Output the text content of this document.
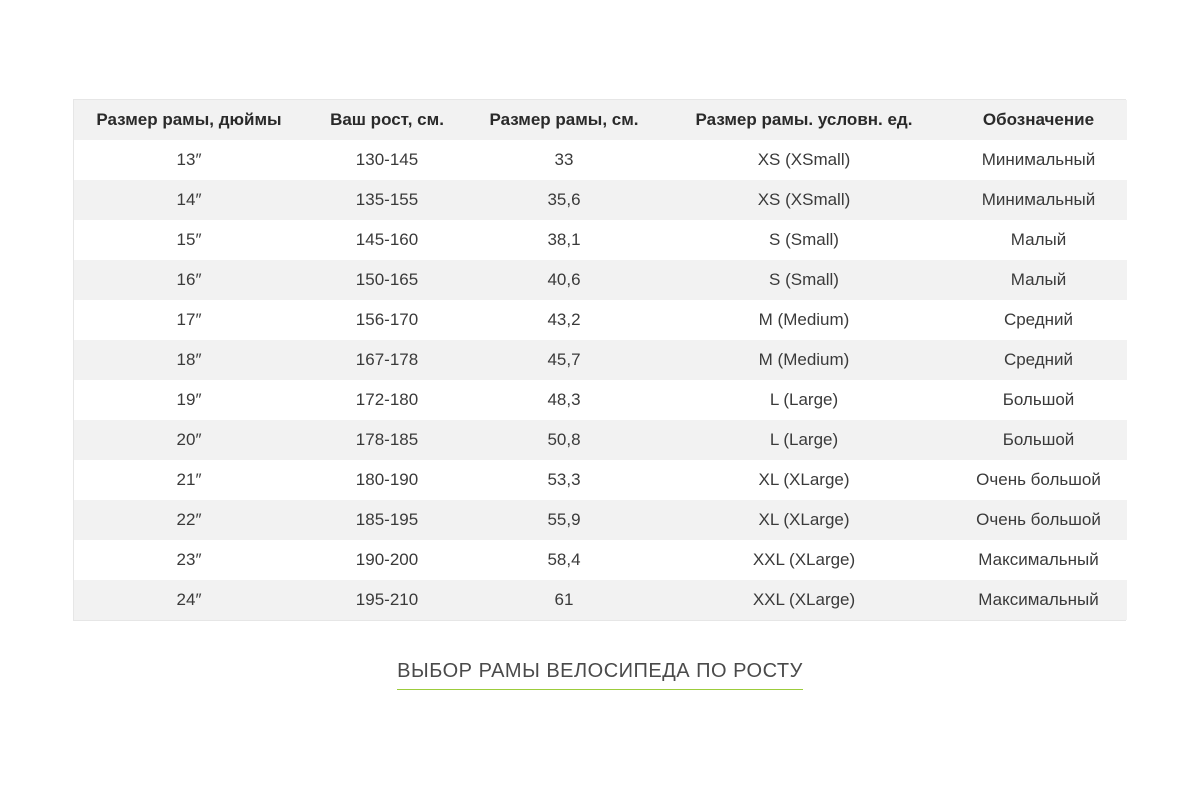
Размер рамы, дюймы	Ваш рост, см.	Размер рамы, см.	Размер рамы. условн. ед.	Обозначение
13″	130-145	33	XS (XSmall)	Минимальный
14″	135-155	35,6	XS (XSmall)	Минимальный
15″	145-160	38,1	S (Small)	Малый
16″	150-165	40,6	S (Small)	Малый
17″	156-170	43,2	M (Medium)	Средний
18″	167-178	45,7	M (Medium)	Средний
19″	172-180	48,3	L (Large)	Большой
20″	178-185	50,8	L (Large)	Большой
21″	180-190	53,3	XL (XLarge)	Очень большой
22″	185-195	55,9	XL (XLarge)	Очень большой
23″	190-200	58,4	XXL (XLarge)	Максимальный
24″	195-210	61	XXL (XLarge)	Максимальный
ВЫБОР РАМЫ ВЕЛОСИПЕДА ПО РОСТУ
